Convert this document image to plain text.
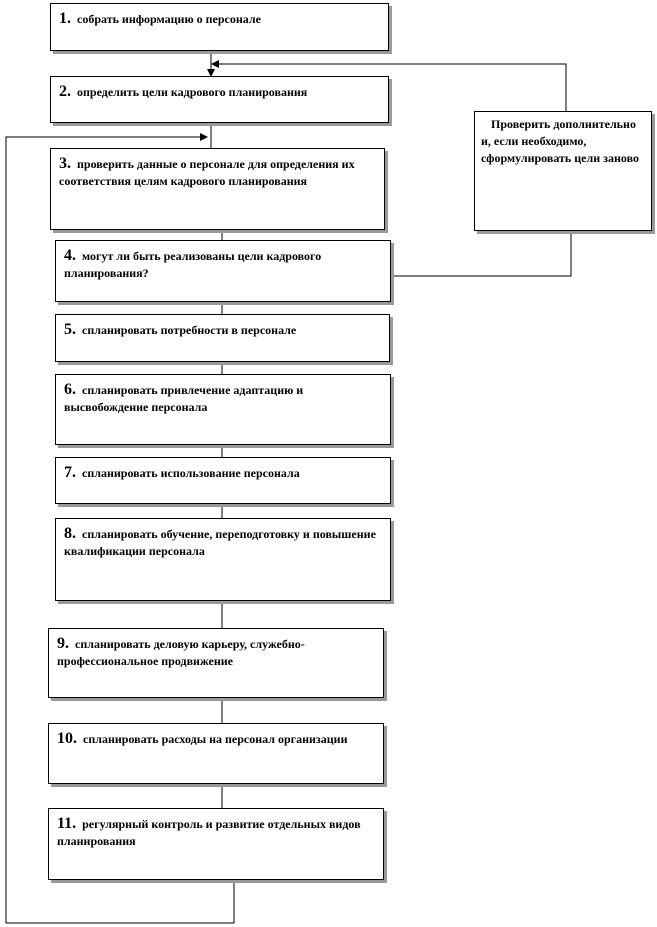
1. собрать информацию о персонале
2. определить цели кадрового планирования
3. проверить данные о персонале для определения их соответствия целям кадрового планирования
4. могут ли быть реализованы цели кадрового планирования?
5. спланировать потребности в персонале
6. спланировать привлечение адаптацию и высвобождение персонала
7. спланировать использование персонала
8. спланировать обучение, переподготовку и повышение квалификации персонала
9. спланировать деловую карьеру, служебно-профессиональное продвижение
10. спланировать расходы на персонал организации
11. регулярный контроль и развитие отдельных видов планирования
Проверить дополнительно и, если необходимо, сформулировать цели заново
